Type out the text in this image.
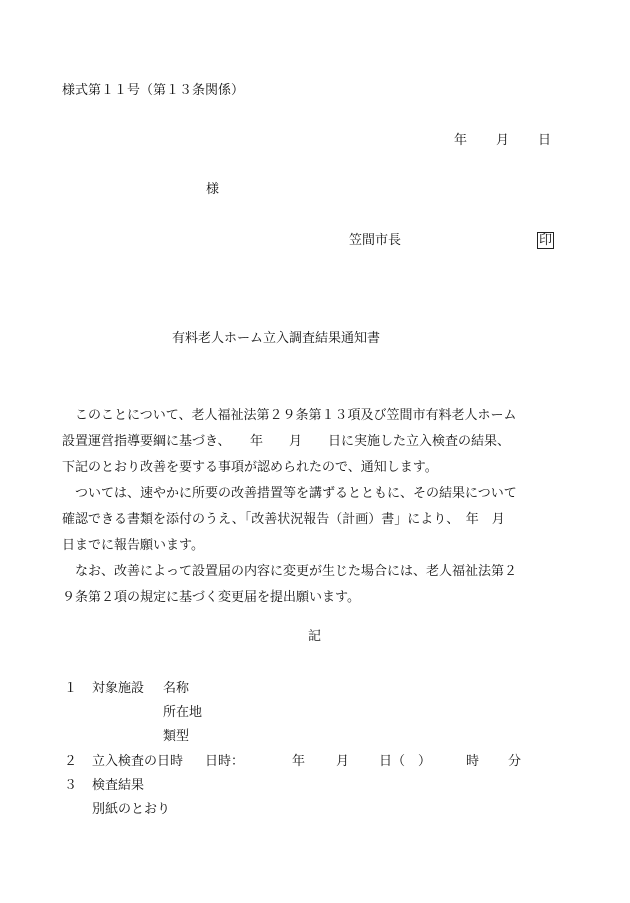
様式第１１号（第１３条関係）
年 月 日
様
笠間市長	印
有料老人ホーム立入調査結果通知書
　このことについて、老人福祉法第２９条第１３項及び笠間市有料老人ホーム
設置運営指導要綱に基づき、　　年　　月　　日に実施した立入検査の結果、
下記のとおり改善を要する事項が認められたので、通知します。
　ついては、速やかに所要の改善措置等を講ずるとともに、その結果について
確認できる書類を添付のうえ、「改善状況報告（計画）書」により、　年　月
日までに報告願います。
　なお、改善によって設置届の内容に変更が生じた場合には、老人福祉法第２
９条第２項の規定に基づく変更届を提出願います。
記
１ 対象施設 名称
所在地
類型
２ 立入検査の日時 日時：	年 月 日（　）	時 分
３ 検査結果
別紙のとおり
